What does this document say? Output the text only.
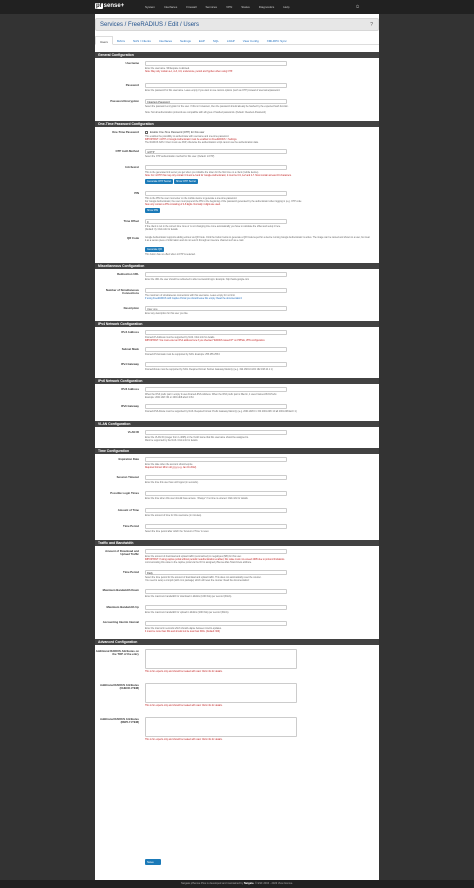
pf sense+	System	Interfaces	Firewall	Services	VPN	Status	Diagnostics	Help	⏻
Services / FreeRADIUS / Edit / Users	?
Users	MACs	NAS / Clients	Interfaces	Settings	EAP	SQL	LDAP	View Config	XMLRPC Sync
General Configuration
Username
Enter the username. Whitespace is allowed.
Note: May only contain a-z, A-Z, 0-9, underscore, period and hyphen when using OTP.
Password
Enter the password for this username. Leave empty if you want to use custom options (such as OTP) instead of username/password.
Password Encryption	Cleartext-Password
Select the password encryption for the user. If this isn't cleartext, then the password should already be hashed by the expected hash function.
Note: Not all authentication protocols are compatible with all types of hashed passwords. (Default: Cleartext-Password)
One-Time Password Configuration
One-Time Password	Enable One-Time Password (OTP) for this user
This enables the possibility to authenticate with username and one-time-password.
IMPORTANT: mOTP or Google Authenticator must be enabled on FreeRADIUS > Settings.
The RADIUS NAS / Client must use PAP, otherwise the authentication script cannot use the authentication data.
OTP Auth Method	mOTP
Select the OTP authentication method for this user. (Default: mOTP)
Init-Secret
This is the generated init secret you get when you initialize the token for the first time on a client (mobile device).
Note: For mOTP this may only contain 0-9 and a-f and for Google-Authenticator, it must be 0-9, A-Z and 2-7. Must contain at least 16 characters.
Generate OTP Secret	Show OTP Secret
PIN
This is the PIN the user must enter on the mobile device to generate a one-time-password.
For Google Authenticator, the user must prepend the PIN to the beginning of the password generated by the authenticator when logging in (e.g. OTP code
New only contain a PIN consisting of 4-8 digits. Normally 4 digits are used.
Show PIN
Time Offset	0
If the client is not in the correct time zone or is not changing time zone automatically you have to calculate the offset and setup it here.
(Default: 0). Click info for details.
QR Code	Google Authenticator supports adding entries via QR Code. Click the button below to generate a QR Code keyed for a device running Google Authenticator is active. The image can be named and shown to a user, but treat it as a secure piece of information and do not send it through an insecure channel such as e-mail.
Generate QR
This button has no effect when mOTP is selected.
Miscellaneous Configuration
Redirection URL
Enter the URL the user should be redirected to after successful login. Example: http://www.google.com
Number of Simultaneous Connections
The maximum of simultaneous connections with this username. Leave empty for no limit.
If using FreeRADIUS with Captive Portal you should leave this empty. Read the documentation!
Description	User one
Enter any description for this user you like.
IPv4 Network Configuration
IPv4 Address
Framed-IP-Address must be supported by NAS. Click info for details.
IMPORTANT: You must enter an IPv4 address here if you checked "RADIUS issued IP" on PPPoE, VPN configuration.
Subnet Mask
Framed-IP-Netmask must be supported by NAS. Example: 255.255.255.0
IPv4 Gateway
Framed-Route must be supported by NAS. Required format: Subnet Gateway Metric(s) (e.g. 192.168.10.0/24 192.168.10.1 1)
IPv6 Network Configuration
IPv6 Address
When the IPv6 prefix part in empty it uses Framed-IPv6-Address. When the IPv6 prefix part is filled in, it uses Framed-IPv6-Prefix.
Example: 2001:db8::/64 or 2001:db8:abcd::1/64
IPv6 Gateway
Framed-IPv6-Route must be supported by NAS. Required format: Prefix Gateway Metric(s) (e.g. 2001:db8:0:1::/64 2001:db8::10 all 2001:db8:lan0::1)
VLAN Configuration
VLAN ID
Enter the VLAN ID (integer from 1-4095) or the VLAN name that this username should be assigned to.
Must be supported by the NAS. Click info for details.
Time Configuration
Expiration Date
Enter the date when the account should expire.
Required format: Mmm dd yyyy (e.g. Jan 01 2012).
Session Timeout
Enter the time this user has until logout (in seconds).
Possible Login Times
Enter the time when this user should have access. "Always" if no time is entered. Click info for details.
Amount of Time
Enter the amount of time for this username (in minutes).
Time Period
Select the time period after which the 'Amount of Time' is reset.
Traffic and Bandwidth
Amount of Download and Upload Traffic
Enter the amount of download and upload traffic (summarized) in megabytes (MB) for this user.
IMPORTANT: If using captive portal without periodic reauthentication enabled, this value must not exceed 4095 due to protocol limitations.
communicating this value to the captive portal via the ID for assigned pfSense-Max-Total-Octets attribute.
Time Period	Daily
Select the time period for the amount of download and upload traffic. This does not automatically reset the counter.
You need to setup a cronjob (with cron package) which will reset the counter. Read the documentation!
Maximum Bandwidth Down
Enter the maximum bandwidth for download in kilobits (1000 bits) per second (Kbit/s).
Maximum Bandwidth Up
Enter the maximum bandwidth for upload in kilobits (1000 bits) per second (Kbit/s).
Accounting Interim Interval
Enter the interval in seconds which should elapse between interim-updates.
It must be more than 60s and should not be less than 600s. (Default: 600)
Advanced Configuration
Additional RADIUS Attributes on the TOP of the entry
This is for experts only and should be treated with care! Click info for details.
Additional RADIUS Attributes (CHECK-ITEM)
This is for experts only and should be treated with care! Click info for details.
Additional RADIUS Attributes (REPLY-ITEM)
This is for experts only and should be treated with care! Click info for details.
Save
Netgate pfSense Plus is developed and maintained by Netgate. © ESF 2004 - 2023 View license.
